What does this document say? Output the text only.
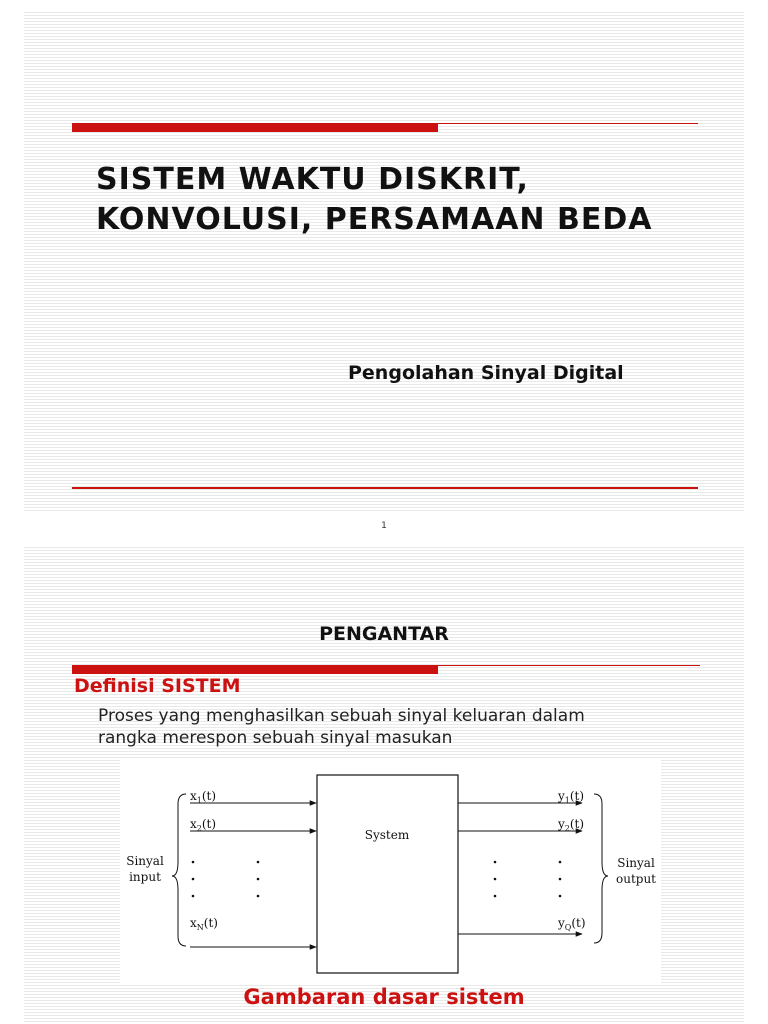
SISTEM WAKTU DISKRIT,
KONVOLUSI, PERSAMAAN BEDA
Pengolahan Sinyal Digital
1
PENGANTAR
Definisi SISTEM
Proses yang menghasilkan sebuah sinyal keluaran dalam
rangka merespon sebuah sinyal masukan
System
$x_1(t)$
$x_2(t)$
$x_N(t)$
Sinyal
input
$y_1(t)$
$y_2(t)$
$y_Q(t)$
Sinyal
output
Gambaran dasar sistem
